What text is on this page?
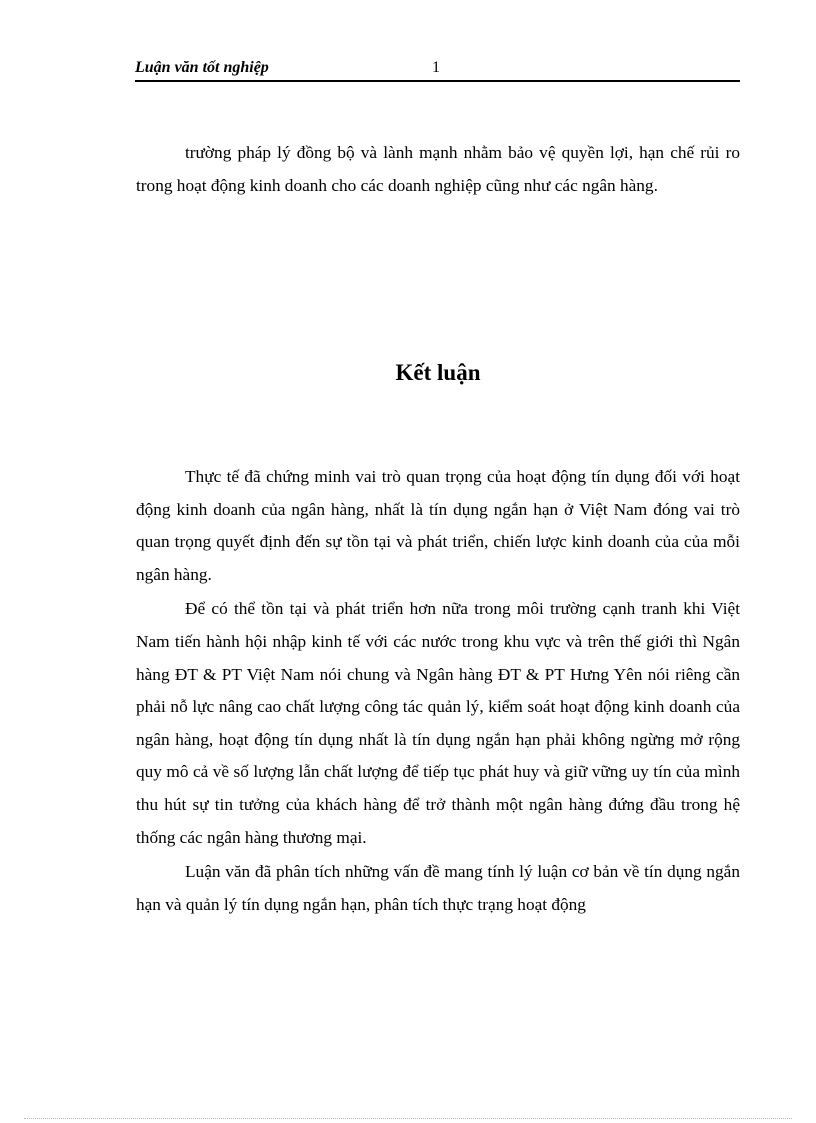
Luận văn tốt nghiệp	1

trường pháp lý đồng bộ và lành mạnh nhằm bảo vệ quyền lợi, hạn chế rủi ro trong hoạt động kinh doanh cho các doanh nghiệp cũng như các ngân hàng.

Kết luận

Thực tế đã chứng minh vai trò quan trọng của hoạt động tín dụng đối với hoạt động kinh doanh của ngân hàng, nhất là tín dụng ngắn hạn ở Việt Nam đóng vai trò quan trọng quyết định đến sự tồn tại và phát triển, chiến lược kinh doanh của của mỗi ngân hàng.

Để có thể tồn tại và phát triển hơn nữa trong môi trường cạnh tranh khi Việt Nam tiến hành hội nhập kinh tế với các nước trong khu vực và trên thế giới thì Ngân hàng ĐT & PT Việt Nam nói chung và Ngân hàng ĐT & PT Hưng Yên nói riêng cần phải nỗ lực nâng cao chất lượng công tác quản lý, kiểm soát hoạt động kinh doanh của ngân hàng, hoạt động tín dụng nhất là tín dụng ngắn hạn phải không ngừng mở rộng quy mô cả về số lượng lẫn chất lượng để tiếp tục phát huy và giữ vững uy tín của mình thu hút sự tin tưởng của khách hàng để trở thành một ngân hàng đứng đầu trong hệ thống các ngân hàng thương mại.

Luận văn đã phân tích những vấn đề mang tính lý luận cơ bản về tín dụng ngắn hạn và quản lý tín dụng ngắn hạn, phân tích thực trạng hoạt động
